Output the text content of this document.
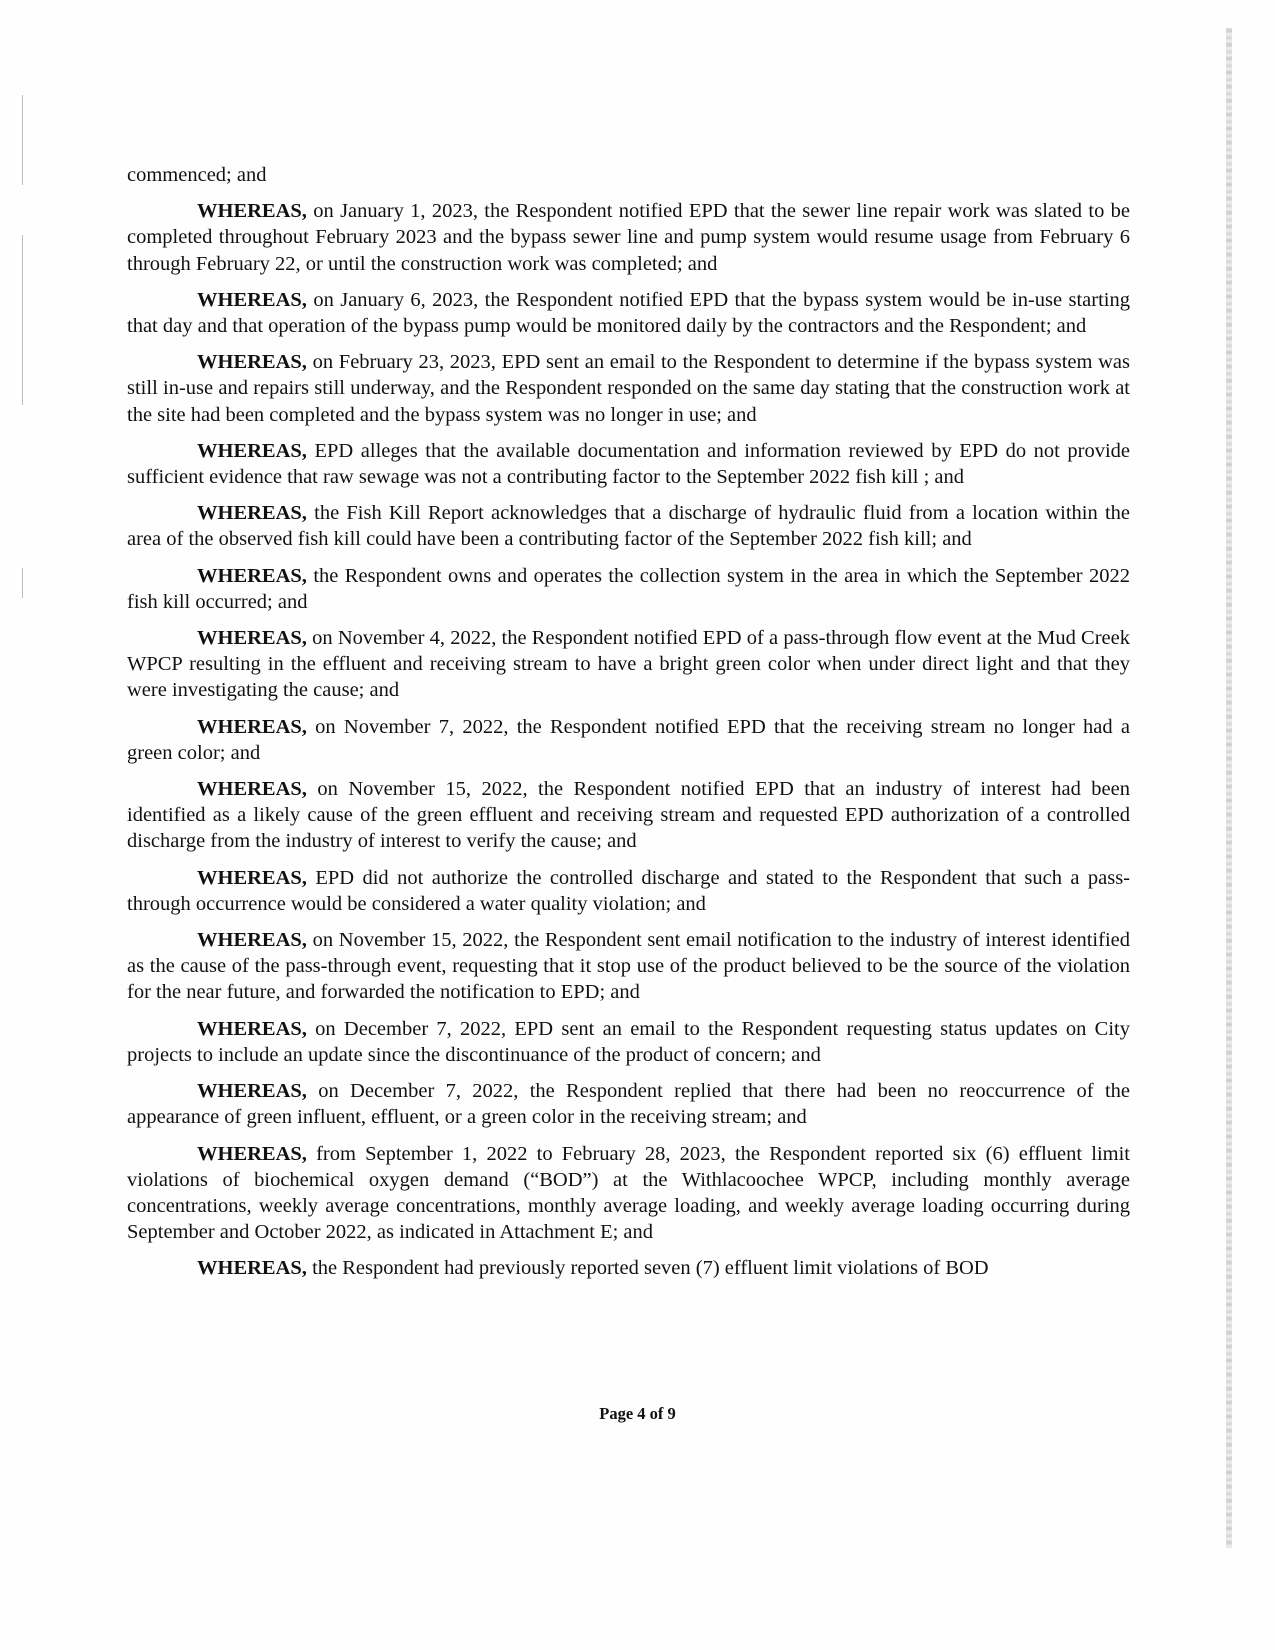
commenced; and

WHEREAS, on January 1, 2023, the Respondent notified EPD that the sewer line repair work was slated to be completed throughout February 2023 and the bypass sewer line and pump system would resume usage from February 6 through February 22, or until the construction work was completed; and

WHEREAS, on January 6, 2023, the Respondent notified EPD that the bypass system would be in-use starting that day and that operation of the bypass pump would be monitored daily by the contractors and the Respondent; and

WHEREAS, on February 23, 2023, EPD sent an email to the Respondent to determine if the bypass system was still in-use and repairs still underway, and the Respondent responded on the same day stating that the construction work at the site had been completed and the bypass system was no longer in use; and

WHEREAS, EPD alleges that the available documentation and information reviewed by EPD do not provide sufficient evidence that raw sewage was not a contributing factor to the September 2022 fish kill ; and

WHEREAS, the Fish Kill Report acknowledges that a discharge of hydraulic fluid from a location within the area of the observed fish kill could have been a contributing factor of the September 2022 fish kill; and

WHEREAS, the Respondent owns and operates the collection system in the area in which the September 2022 fish kill occurred; and

WHEREAS, on November 4, 2022, the Respondent notified EPD of a pass-through flow event at the Mud Creek WPCP resulting in the effluent and receiving stream to have a bright green color when under direct light and that they were investigating the cause; and

WHEREAS, on November 7, 2022, the Respondent notified EPD that the receiving stream no longer had a green color; and

WHEREAS, on November 15, 2022, the Respondent notified EPD that an industry of interest had been identified as a likely cause of the green effluent and receiving stream and requested EPD authorization of a controlled discharge from the industry of interest to verify the cause; and

WHEREAS, EPD did not authorize the controlled discharge and stated to the Respondent that such a pass-through occurrence would be considered a water quality violation; and

WHEREAS, on November 15, 2022, the Respondent sent email notification to the industry of interest identified as the cause of the pass-through event, requesting that it stop use of the product believed to be the source of the violation for the near future, and forwarded the notification to EPD; and

WHEREAS, on December 7, 2022, EPD sent an email to the Respondent requesting status updates on City projects to include an update since the discontinuance of the product of concern; and

WHEREAS, on December 7, 2022, the Respondent replied that there had been no reoccurrence of the appearance of green influent, effluent, or a green color in the receiving stream; and

WHEREAS, from September 1, 2022 to February 28, 2023, the Respondent reported six (6) effluent limit violations of biochemical oxygen demand (“BOD”) at the Withlacoochee WPCP, including monthly average concentrations, weekly average concentrations, monthly average loading, and weekly average loading occurring during September and October 2022, as indicated in Attachment E; and

WHEREAS, the Respondent had previously reported seven (7) effluent limit violations of BOD

Page 4 of 9
